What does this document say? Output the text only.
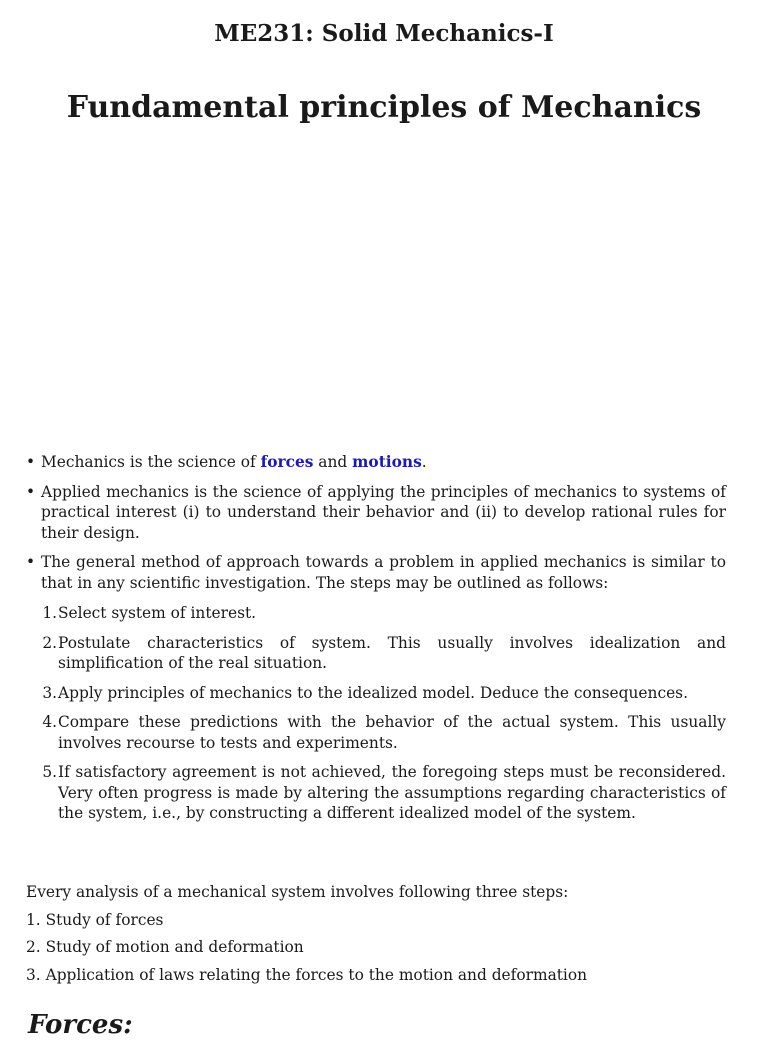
ME231: Solid Mechanics-I
Fundamental principles of Mechanics
• Mechanics is the science of forces and motions.
• Applied mechanics is the science of applying the principles of mechanics to systems of practical interest (i) to understand their behavior and (ii) to develop rational rules for their design.
• The general method of approach towards a problem in applied mechanics is similar to that in any scientific investigation. The steps may be outlined as follows:
1. Select system of interest.
2. Postulate characteristics of system. This usually involves idealization and simplification of the real situation.
3. Apply principles of mechanics to the idealized model. Deduce the consequences.
4. Compare these predictions with the behavior of the actual system. This usually involves recourse to tests and experiments.
5. If satisfactory agreement is not achieved, the foregoing steps must be reconsidered. Very often progress is made by altering the assumptions regarding characteristics of the system, i.e., by constructing a different idealized model of the system.

Every analysis of a mechanical system involves following three steps:

1. Study of forces

2. Study of motion and deformation

3. Application of laws relating the forces to the motion and deformation

Forces:
